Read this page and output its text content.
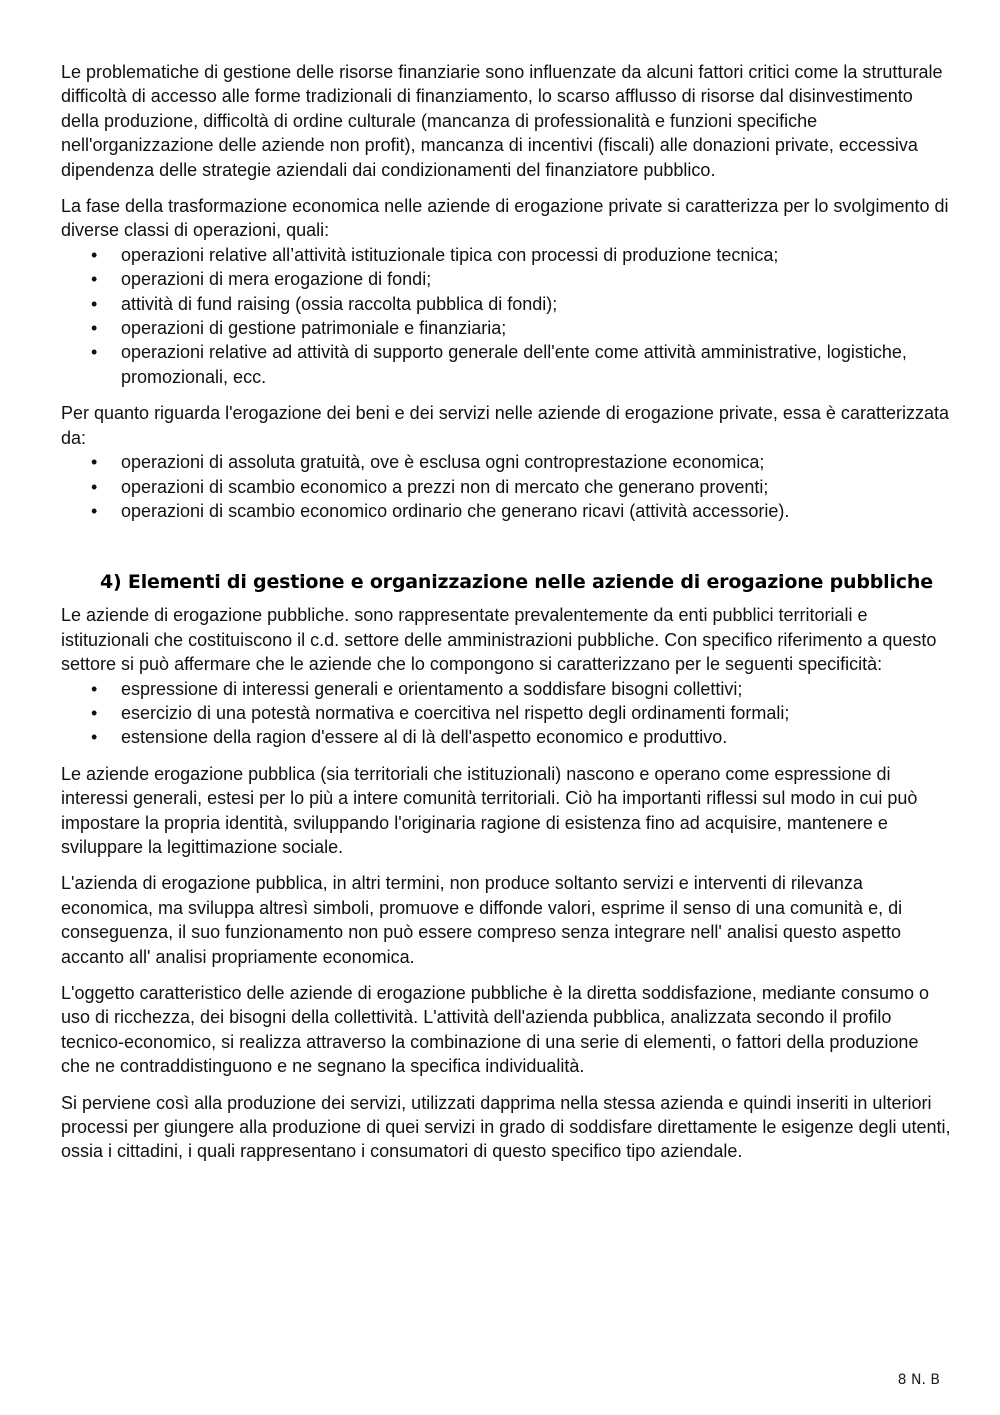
Le problematiche di gestione delle risorse finanziarie sono influenzate da alcuni fattori critici come la strutturale difficoltà di accesso alle forme tradizionali di finanziamento, lo scarso afflusso di risorse dal disinvestimento della produzione, difficoltà di ordine culturale (mancanza di professionalità e funzioni specifiche nell'organizzazione delle aziende non profit), mancanza di incentivi (fiscali) alle donazioni private, eccessiva dipendenza delle strategie aziendali dai condizionamenti del finanziatore pubblico.

La fase della trasformazione economica nelle aziende di erogazione private si caratterizza per lo svolgimento di diverse classi di operazioni, quali:

• operazioni relative all’attività istituzionale tipica con processi di produzione tecnica;
• operazioni di mera erogazione di fondi;
• attività di fund raising (ossia raccolta pubblica di fondi);
• operazioni di gestione patrimoniale e finanziaria;
• operazioni relative ad attività di supporto generale dell'ente come attività amministrative, logistiche, promozionali, ecc.

Per quanto riguarda l'erogazione dei beni e dei servizi nelle aziende di erogazione private, essa è caratterizzata da:

• operazioni di assoluta gratuità, ove è esclusa ogni controprestazione economica;
• operazioni di scambio economico a prezzi non di mercato che generano proventi;
• operazioni di scambio economico ordinario che generano ricavi (attività accessorie).
4) Elementi di gestione e organizzazione nelle aziende di erogazione pubbliche

Le aziende di erogazione pubbliche. sono rappresentate prevalentemente da enti pubblici territoriali e istituzionali che costituiscono il c.d. settore delle amministrazioni pubbliche. Con specifico riferimento a questo settore si può affermare che le aziende che lo compongono si caratterizzano per le seguenti specificità:

• espressione di interessi generali e orientamento a soddisfare bisogni collettivi;
• esercizio di una potestà normativa e coercitiva nel rispetto degli ordinamenti formali;
• estensione della ragion d'essere al di là dell'aspetto economico e produttivo.

Le aziende erogazione pubblica (sia territoriali che istituzionali) nascono e operano come espressione di interessi generali, estesi per lo più a intere comunità territoriali. Ciò ha importanti riflessi sul modo in cui può impostare la propria identità, sviluppando l'originaria ragione di esistenza fino ad acquisire, mantenere e sviluppare la legittimazione sociale.

L'azienda di erogazione pubblica, in altri termini, non produce soltanto servizi e interventi di rilevanza economica, ma sviluppa altresì simboli, promuove e diffonde valori, esprime il senso di una comunità e, di conseguenza, il suo funzionamento non può essere compreso senza integrare nell' analisi questo aspetto accanto all' analisi propriamente economica.

L'oggetto caratteristico delle aziende di erogazione pubbliche è la diretta soddisfazione, mediante consumo o uso di ricchezza, dei bisogni della collettività. L'attività dell'azienda pubblica, analizzata secondo il profilo tecnico-economico, si realizza attraverso la combinazione di una serie di elementi, o fattori della produzione che ne contraddistinguono e ne segnano la specifica individualità.

Si perviene così alla produzione dei servizi, utilizzati dapprima nella stessa azienda e quindi inseriti in ulteriori processi per giungere alla produzione di quei servizi in grado di soddisfare direttamente le esigenze degli utenti, ossia i cittadini, i quali rappresentano i consumatori di questo specifico tipo aziendale.

8 N. B
